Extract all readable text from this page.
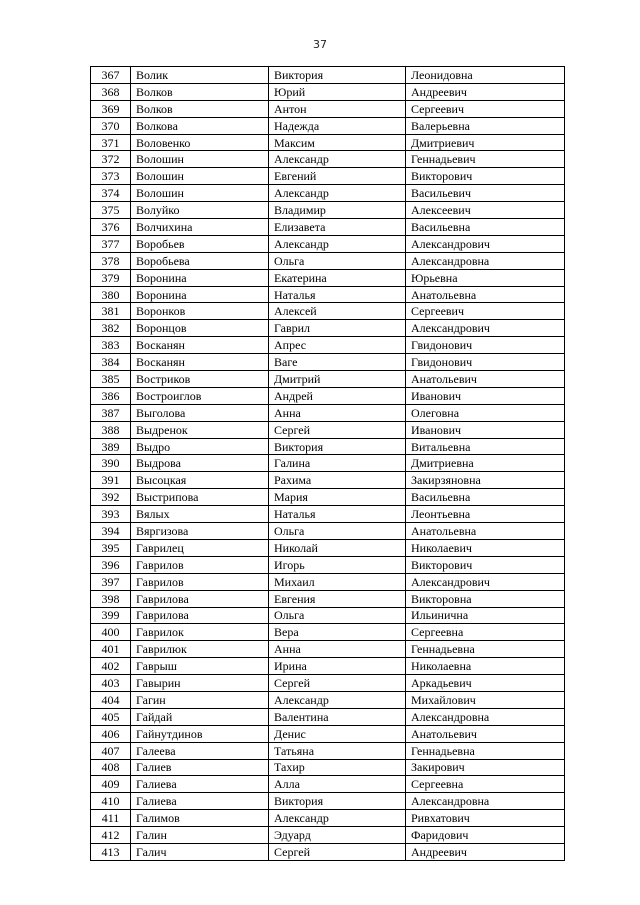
37
367	Волик	Виктория	Леонидовна
368	Волков	Юрий	Андреевич
369	Волков	Антон	Сергеевич
370	Волкова	Надежда	Валерьевна
371	Воловенко	Максим	Дмитриевич
372	Волошин	Александр	Геннадьевич
373	Волошин	Евгений	Викторович
374	Волошин	Александр	Васильевич
375	Волуйко	Владимир	Алексеевич
376	Волчихина	Елизавета	Васильевна
377	Воробьев	Александр	Александрович
378	Воробьева	Ольга	Александровна
379	Воронина	Екатерина	Юрьевна
380	Воронина	Наталья	Анатольевна
381	Воронков	Алексей	Сергеевич
382	Воронцов	Гаврил	Александрович
383	Восканян	Апрес	Гвидонович
384	Восканян	Ваге	Гвидонович
385	Востриков	Дмитрий	Анатольевич
386	Востроиглов	Андрей	Иванович
387	Выголова	Анна	Олеговна
388	Выдренок	Сергей	Иванович
389	Выдро	Виктория	Витальевна
390	Выдрова	Галина	Дмитриевна
391	Высоцкая	Рахима	Закирзяновна
392	Выстрипова	Мария	Васильевна
393	Вялых	Наталья	Леонтьевна
394	Вяргизова	Ольга	Анатольевна
395	Гаврилец	Николай	Николаевич
396	Гаврилов	Игорь	Викторович
397	Гаврилов	Михаил	Александрович
398	Гаврилова	Евгения	Викторовна
399	Гаврилова	Ольга	Ильинична
400	Гаврилок	Вера	Сергеевна
401	Гаврилюк	Анна	Геннадьевна
402	Гаврыш	Ирина	Николаевна
403	Гавырин	Сергей	Аркадьевич
404	Гагин	Александр	Михайлович
405	Гайдай	Валентина	Александровна
406	Гайнутдинов	Денис	Анатольевич
407	Галеева	Татьяна	Геннадьевна
408	Галиев	Тахир	Закирович
409	Галиева	Алла	Сергеевна
410	Галиева	Виктория	Александровна
411	Галимов	Александр	Ривхатович
412	Галин	Эдуард	Фаридович
413	Галич	Сергей	Андреевич
